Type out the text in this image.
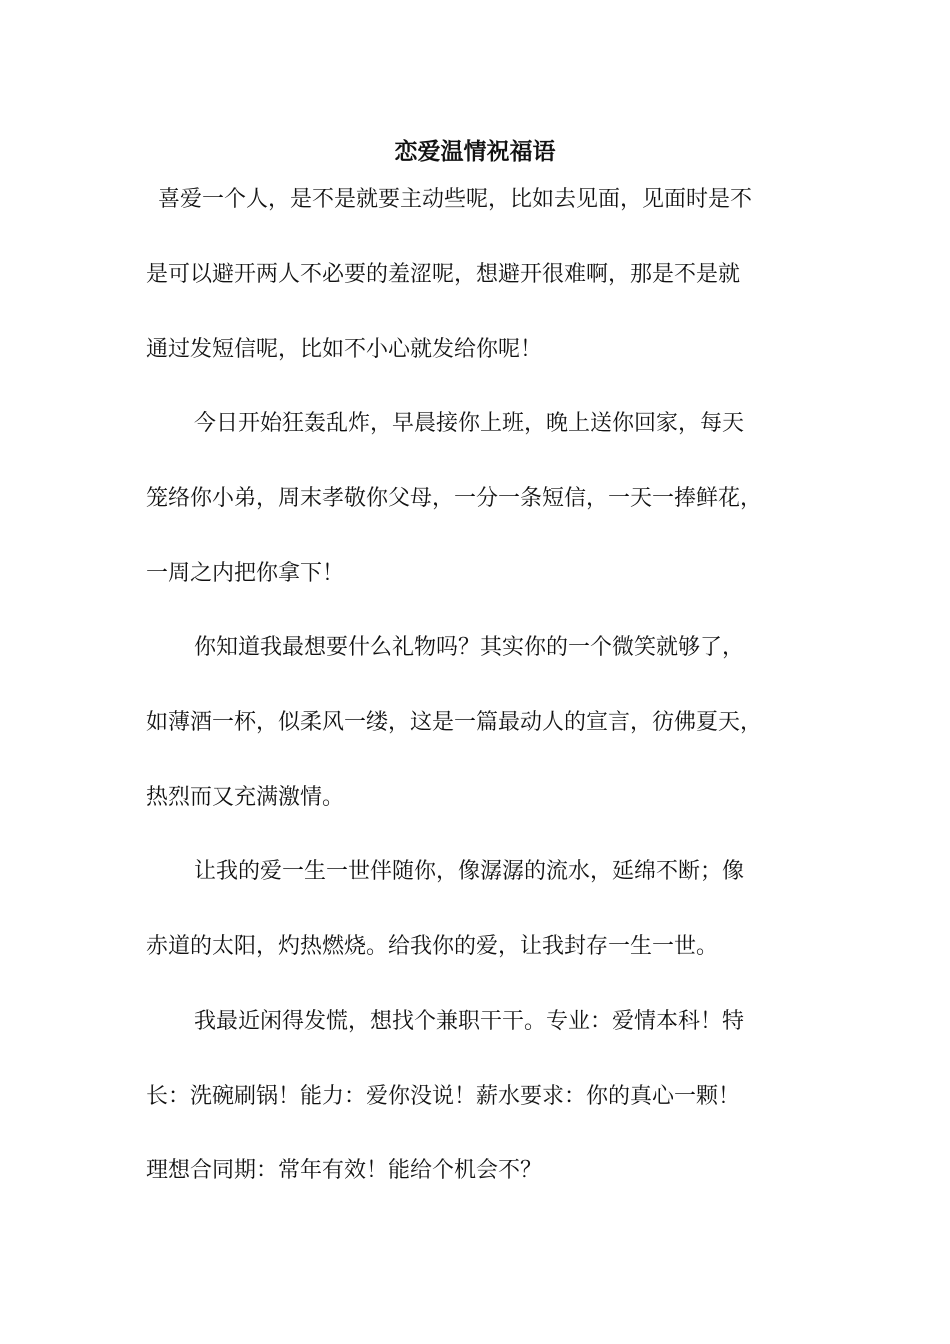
恋爱温情祝福语

喜爱一个人，是不是就要主动些呢，比如去见面，见面时是不

是可以避开两人不必要的羞涩呢，想避开很难啊，那是不是就

通过发短信呢，比如不小心就发给你呢！

今日开始狂轰乱炸，早晨接你上班，晚上送你回家，每天

笼络你小弟，周末孝敬你父母，一分一条短信，一天一捧鲜花，

一周之内把你拿下！

你知道我最想要什么礼物吗？其实你的一个微笑就够了，

如薄酒一杯，似柔风一缕，这是一篇最动人的宣言，彷佛夏天，

热烈而又充满激情。

让我的爱一生一世伴随你，像潺潺的流水，延绵不断；像

赤道的太阳，灼热燃烧。给我你的爱，让我封存一生一世。

我最近闲得发慌，想找个兼职干干。专业：爱情本科！特

长：洗碗刷锅！能力：爱你没说！薪水要求：你的真心一颗！

理想合同期：常年有效！能给个机会不？
